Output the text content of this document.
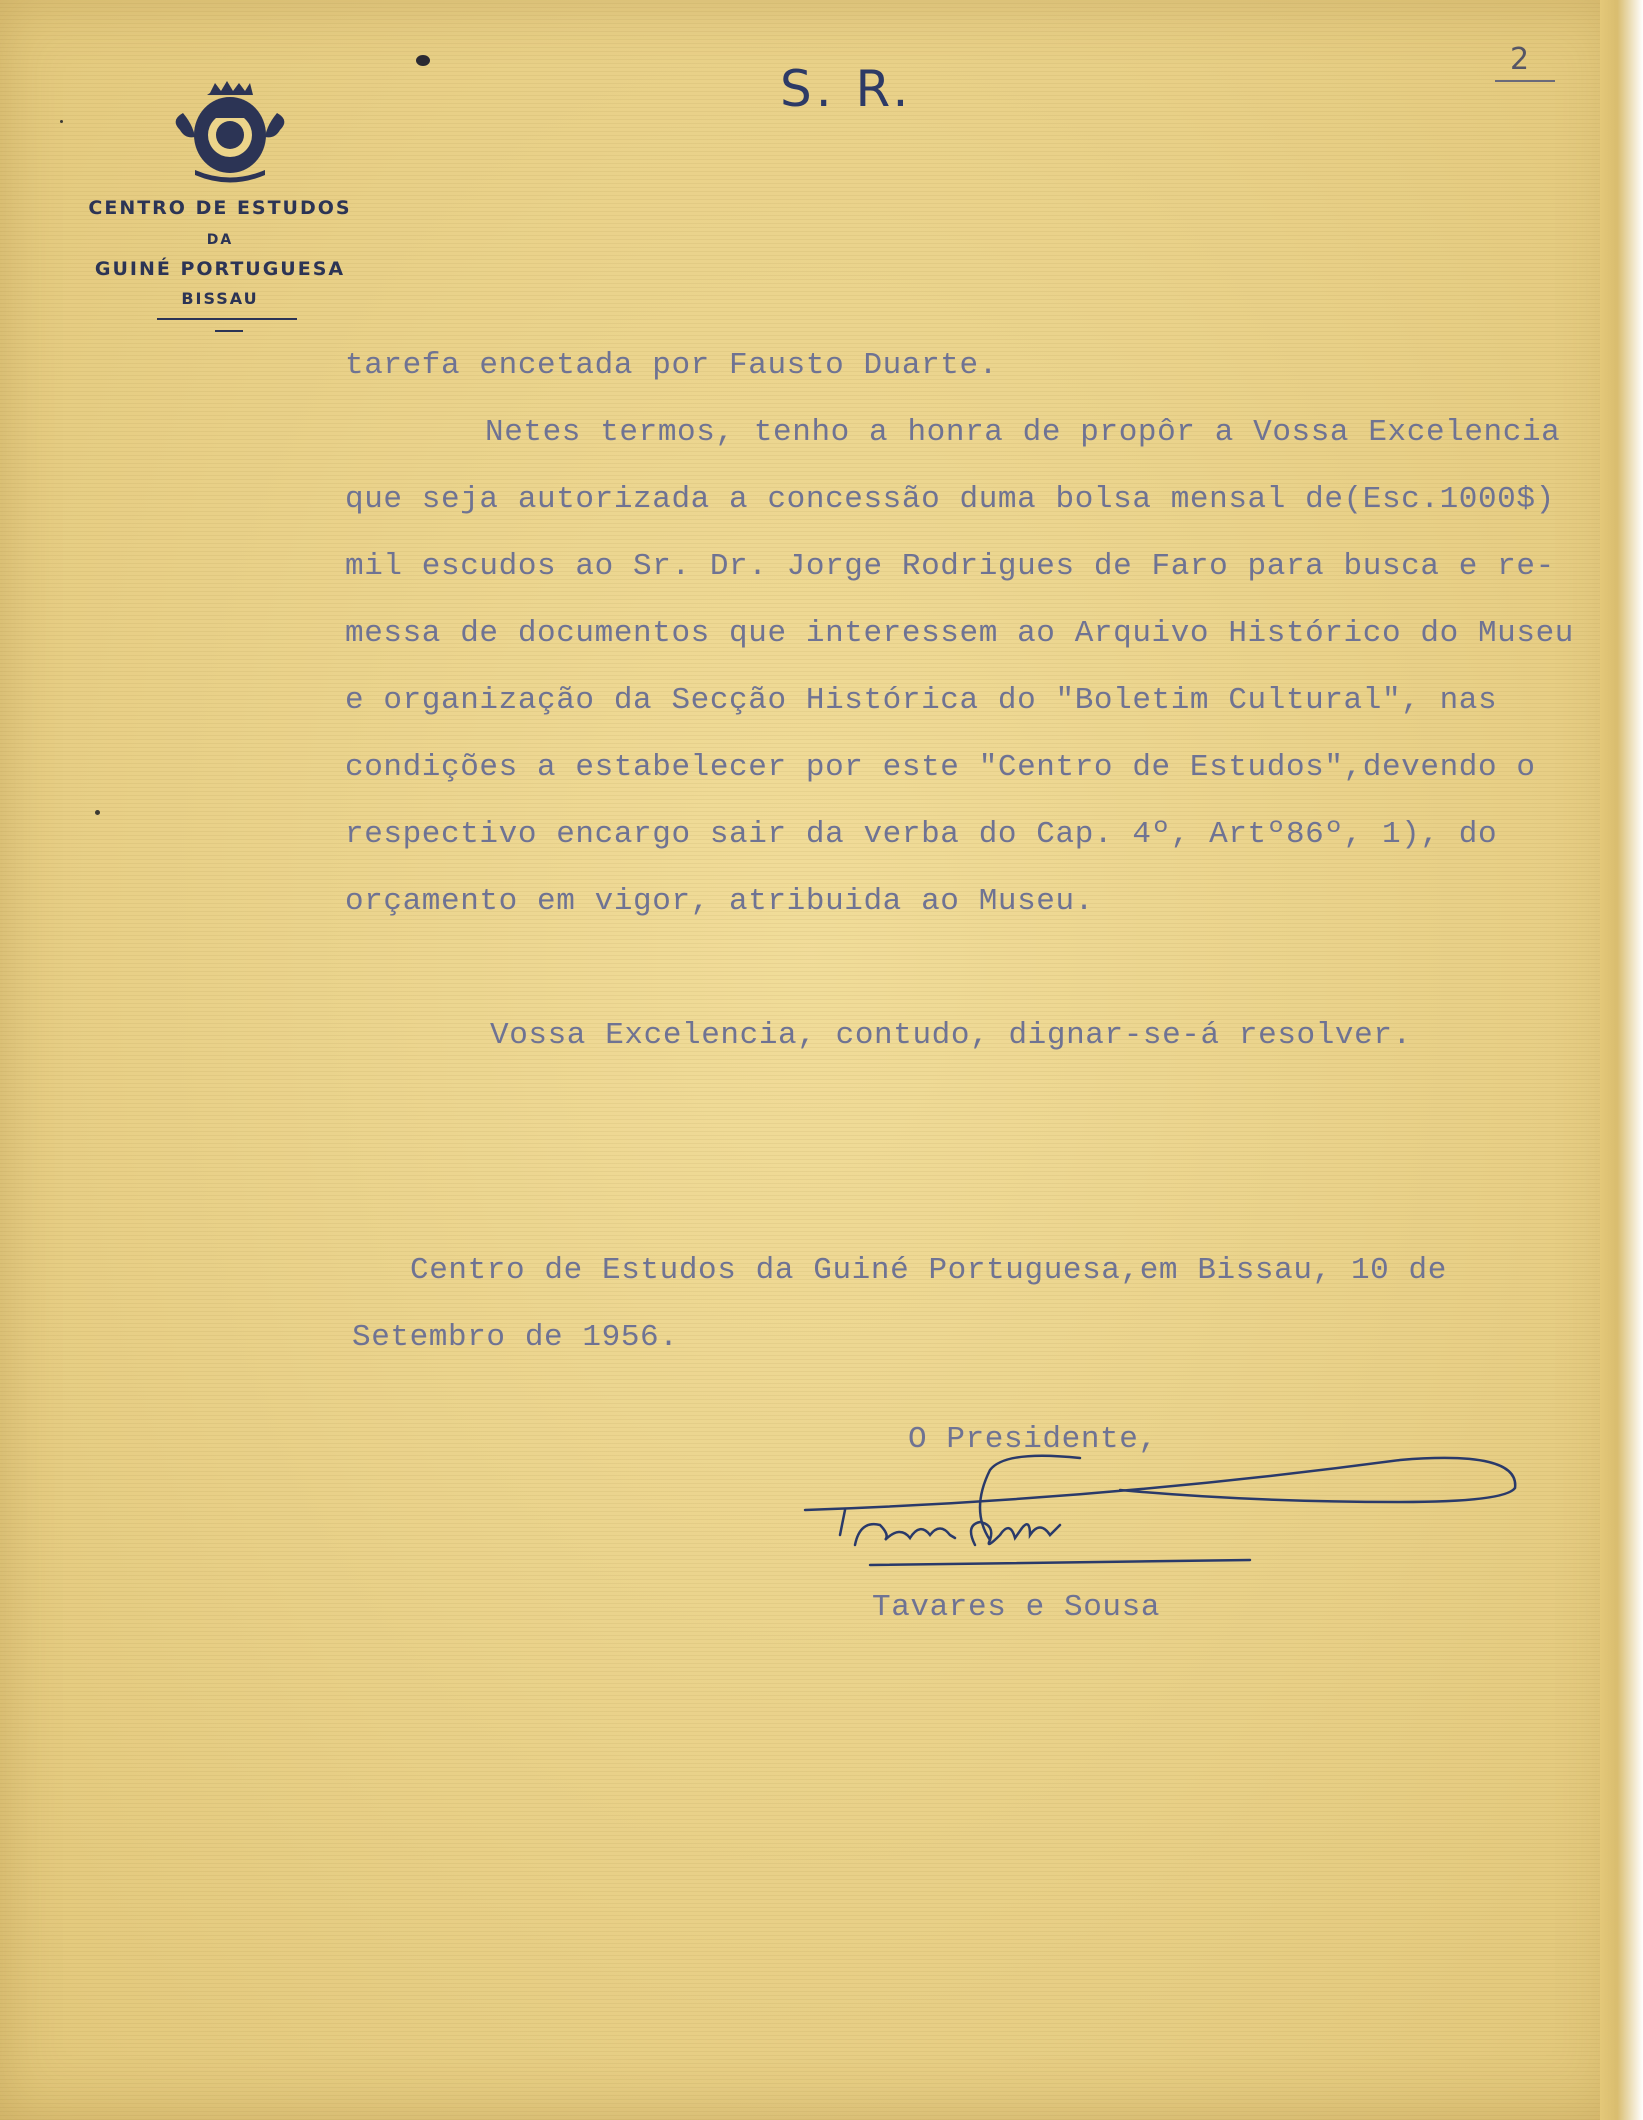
CENTRO DE ESTUDOS
DA
GUINÉ PORTUGUESA
BISSAU
S. R.
2
tarefa encetada por Fausto Duarte.
Netes termos, tenho a honra de propôr a Vossa Excelencia
que seja autorizada a concessão duma bolsa mensal de(Esc.1000$)
mil escudos ao Sr. Dr. Jorge Rodrigues de Faro para busca e re-
messa de documentos que interessem ao Arquivo Histórico do Museu
e organização da Secção Histórica do "Boletim Cultural", nas
condições a estabelecer por este "Centro de Estudos",devendo o
respectivo encargo sair da verba do Cap. 4º, Artº86º, 1), do
orçamento em vigor, atribuida ao Museu.
Vossa Excelencia, contudo, dignar-se-á resolver.
Centro de Estudos da Guiné Portuguesa,em Bissau, 10 de
Setembro de 1956.
O Presidente,
Tavares e Sousa
